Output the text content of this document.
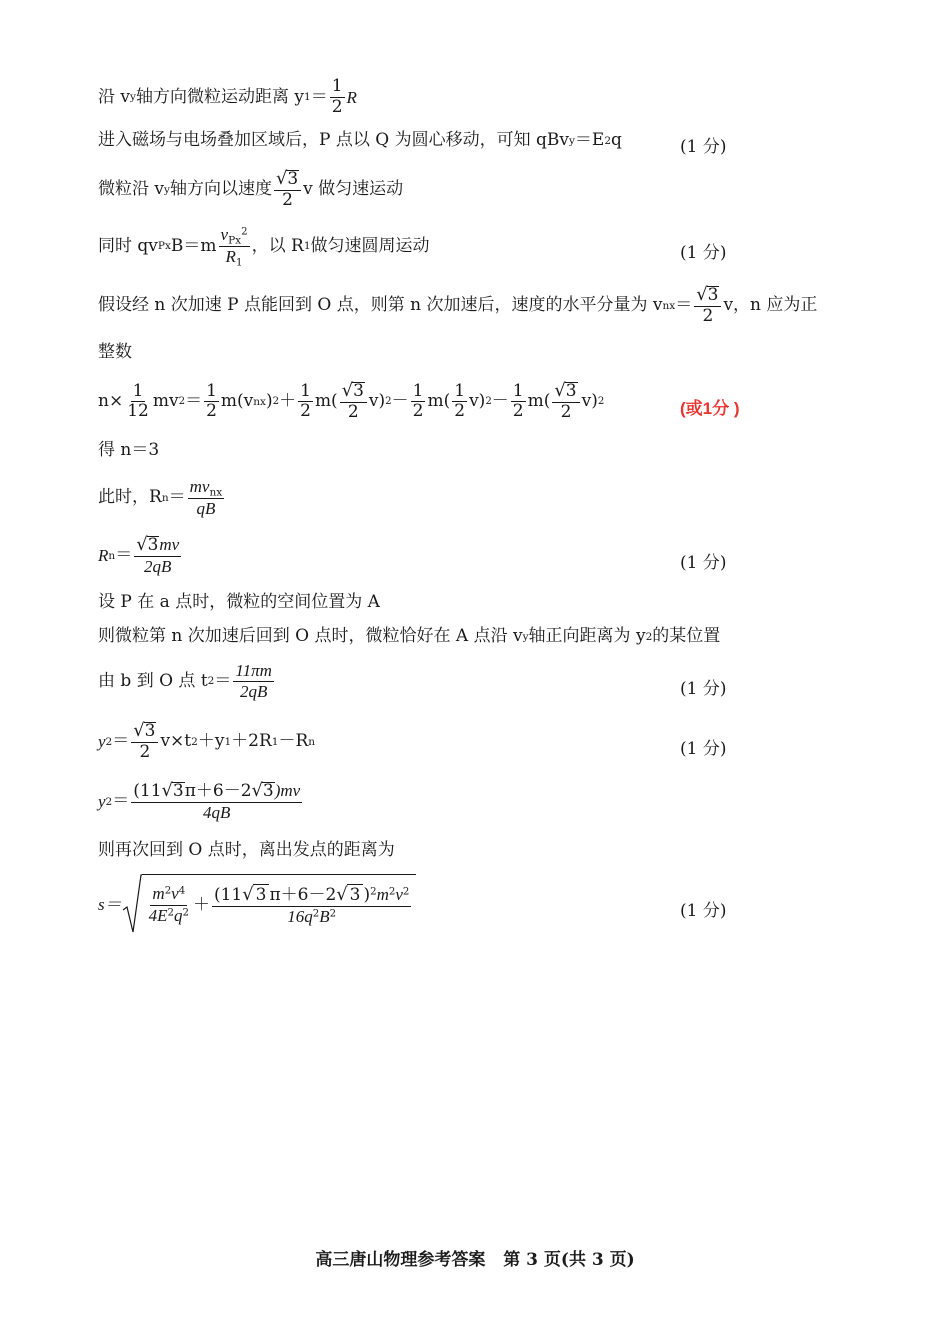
沿 v y 轴方向微粒运动距离 y $1 = \frac{1}{2}$ R
进入磁场与电场叠加区域后，P 点以 Q 为圆心移动，可知 qBv y ＝E 2 q	(1 分)
微粒沿 v y 轴方向以速度 $\frac{√ 3}{2}$ v 做匀速运动
同时 qv Px $B=m \frac{v_{Px}^2}{R_1}$ ，以 R 1 做匀速圆周运动	(1 分)
假设经 n 次加速 P 点能回到 O 点，则第 n 次加速后，速度的水平分量为 v nx ＝ $\frac{√ 3}{2}$ v，n 应为正
整数
$n\times \frac{1}{12}$ mv $2 = \frac{1}{2} m(v$ nx ) $2 + \frac{1}{2} m( \frac{√ 3}{2} v) 2 - \frac{1}{2} m( \frac{1}{2} v) 2 - \frac{1}{2} m( \frac{√ 3}{2} v)$ 2	(或1分 )
得 n＝3
此时，R $n = \frac{mv_{nx}}{qB}$
R $n = \frac{√ 3 mv}{2qB}$	(1 分)
设 P 在 a 点时，微粒的空间位置为 A
则微粒第 n 次加速后回到 O 点时，微粒恰好在 A 点沿 v y 轴正向距离为 y 2 的某位置
由 b 到 O 点 t $2 = \frac{11\pi m}{2qB}$	(1 分)
y $2 = \frac{√ 3}{2} v\times t$ 2 ＋y 1 ＋2R 1 －R n	(1 分)
y $2 = \frac{(11 √ 3 \pi+6-2 √ 3 )mv}{4qB}$
则再次回到 O 点时，离出发点的距离为
$s= \frac{m^2v^4}{4E^2q^2} + \frac{(11 √ 3 \pi+6-2 √ 3 )^2m^2v^2}{16q^2B^2}$	(1 分)
高三唐山物理参考答案 第 3 页(共 3 页)
